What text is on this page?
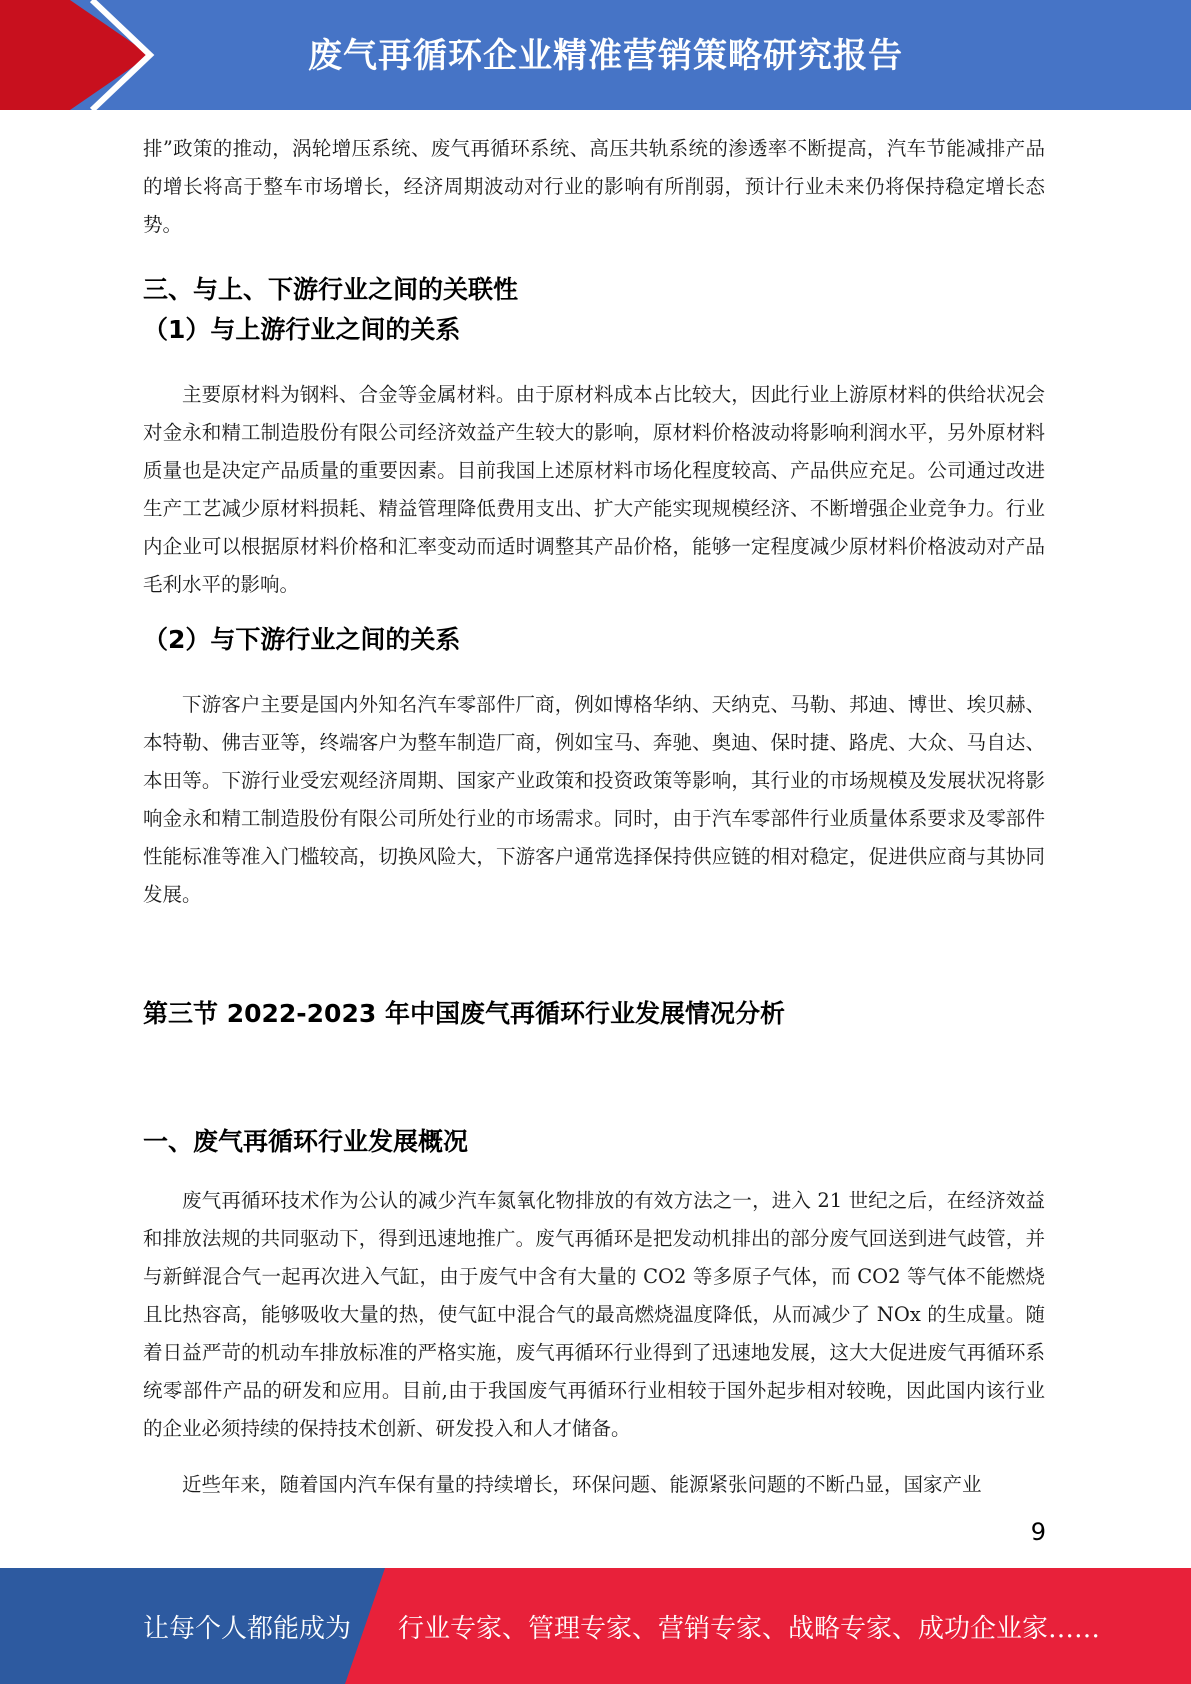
废气再循环企业精准营销策略研究报告

排”政策的推动，涡轮增压系统、废气再循环系统、高压共轨系统的渗透率不断提高，汽车节能减排产品的增长将高于整车市场增长，经济周期波动对行业的影响有所削弱，预计行业未来仍将保持稳定增长态势。

三、与上、下游行业之间的关联性
（1）与上游行业之间的关系

主要原材料为钢料、合金等金属材料。由于原材料成本占比较大，因此行业上游原材料的供给状况会对金永和精工制造股份有限公司经济效益产生较大的影响，原材料价格波动将影响利润水平，另外原材料质量也是决定产品质量的重要因素。目前我国上述原材料市场化程度较高、产品供应充足。公司通过改进生产工艺减少原材料损耗、精益管理降低费用支出、扩大产能实现规模经济、不断增强企业竞争力。行业内企业可以根据原材料价格和汇率变动而适时调整其产品价格，能够一定程度减少原材料价格波动对产品毛利水平的影响。

（2）与下游行业之间的关系

下游客户主要是国内外知名汽车零部件厂商，例如博格华纳、天纳克、马勒、邦迪、博世、埃贝赫、本特勒、佛吉亚等，终端客户为整车制造厂商，例如宝马、奔驰、奥迪、保时捷、路虎、大众、马自达、本田等。下游行业受宏观经济周期、国家产业政策和投资政策等影响，其行业的市场规模及发展状况将影响金永和精工制造股份有限公司所处行业的市场需求。同时，由于汽车零部件行业质量体系要求及零部件性能标准等准入门槛较高，切换风险大，下游客户通常选择保持供应链的相对稳定，促进供应商与其协同发展。

第三节 2022-2023 年中国废气再循环行业发展情况分析
一、废气再循环行业发展概况

废气再循环技术作为公认的减少汽车氮氧化物排放的有效方法之一，进入 21 世纪之后，在经济效益和排放法规的共同驱动下，得到迅速地推广。废气再循环是把发动机排出的部分废气回送到进气歧管，并与新鲜混合气一起再次进入气缸，由于废气中含有大量的 CO2 等多原子气体，而 CO2 等气体不能燃烧且比热容高，能够吸收大量的热，使气缸中混合气的最高燃烧温度降低，从而减少了 NOx 的生成量。随着日益严苛的机动车排放标准的严格实施，废气再循环行业得到了迅速地发展，这大大促进废气再循环系统零部件产品的研发和应用。目前,由于我国废气再循环行业相较于国外起步相对较晚，因此国内该行业的企业必须持续的保持技术创新、研发投入和人才储备。

近些年来，随着国内汽车保有量的持续增长，环保问题、能源紧张问题的不断凸显，国家产业

9
让每个人都能成为 行业专家、管理专家、营销专家、战略专家、成功企业家……
